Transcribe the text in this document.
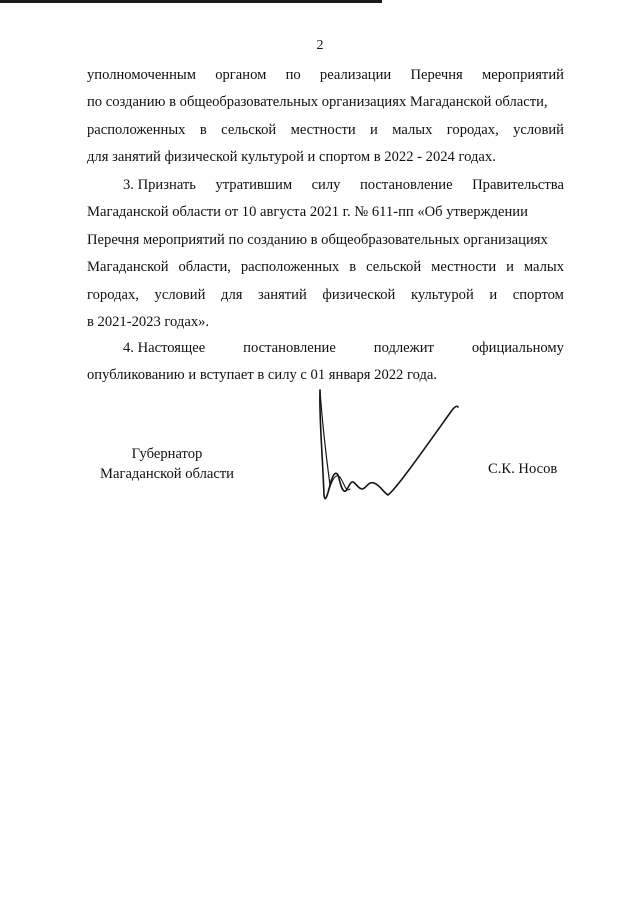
2
уполномоченным органом по реализации Перечня мероприятий
по созданию в общеобразовательных организациях Магаданской области,
расположенных в сельской местности и малых городах, условий
для занятий физической культурой и спортом в 2022 - 2024 годах.
3. Признать утратившим силу постановление Правительства
Магаданской области от 10 августа 2021 г. № 611-пп «Об утверждении
Перечня мероприятий по созданию в общеобразовательных организациях
Магаданской области, расположенных в сельской местности и малых
городах, условий для занятий физической культурой и спортом
в 2021-2023 годах».
4. Настоящее	постановление	подлежит	официальному
опубликованию и вступает в силу с 01 января 2022 года.
Губернатор
Магаданской области	С.К. Носов
